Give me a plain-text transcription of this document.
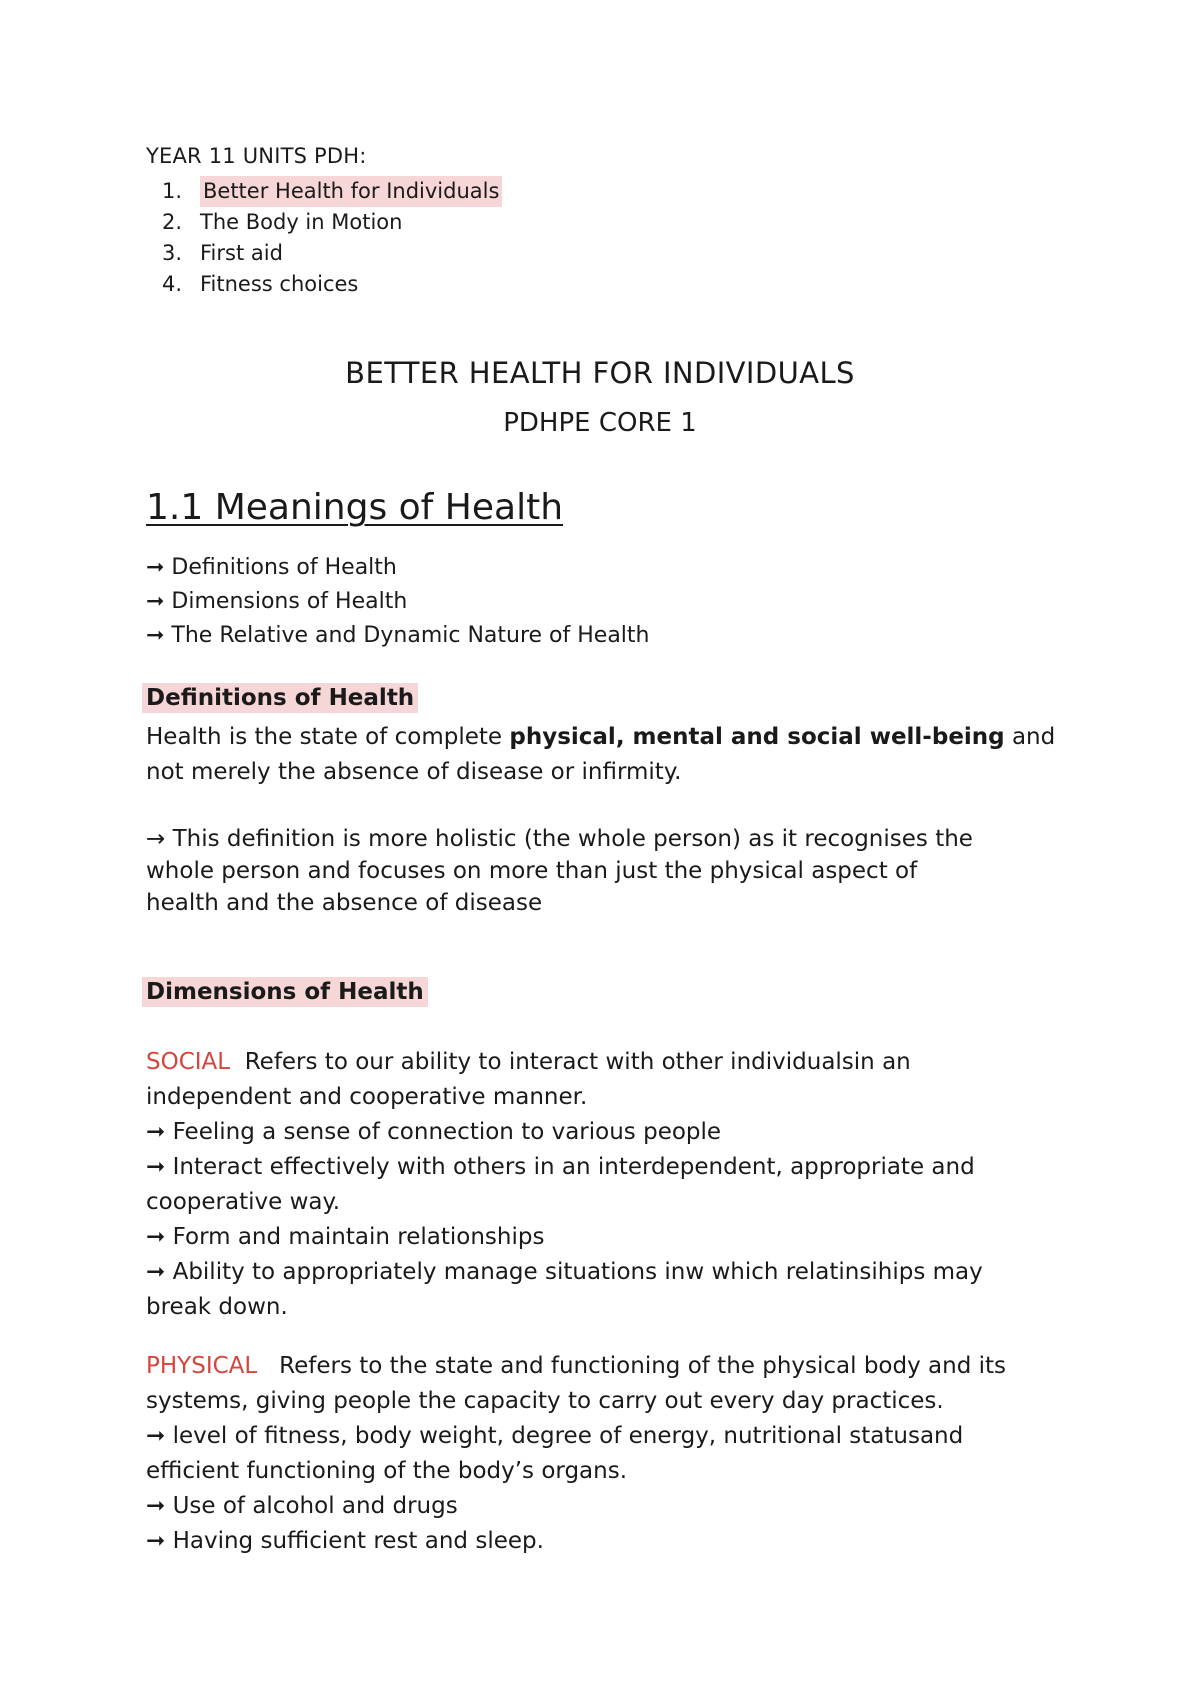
YEAR 11 UNITS PDH:
1.	Better Health for Individuals
2. The Body in Motion
3. First aid
4. Fitness choices
BETTER HEALTH FOR INDIVIDUALS
PDHPE CORE 1
1.1 Meanings of Health
➞ Definitions of Health
➞ Dimensions of Health
➞ The Relative and Dynamic Nature of Health
Definitions of Health
Health is the state of complete physical, mental and social well-being and
not merely the absence of disease or infirmity.
→ This definition is more holistic (the whole person) as it recognises the
whole person and focuses on more than just the physical aspect of
health and the absence of disease
Dimensions of Health
SOCIAL  Refers to our ability to interact with other individualsin an
independent and cooperative manner.
➞ Feeling a sense of connection to various people
➞ Interact effectively with others in an interdependent, appropriate and
cooperative way.
➞ Form and maintain relationships
➞ Ability to appropriately manage situations inw which relatinsihips may
break down.
PHYSICAL   Refers to the state and functioning of the physical body and its
systems, giving people the capacity to carry out every day practices.
➞ level of fitness, body weight, degree of energy, nutritional statusand
efficient functioning of the body’s organs.
➞ Use of alcohol and drugs
➞ Having sufficient rest and sleep.
